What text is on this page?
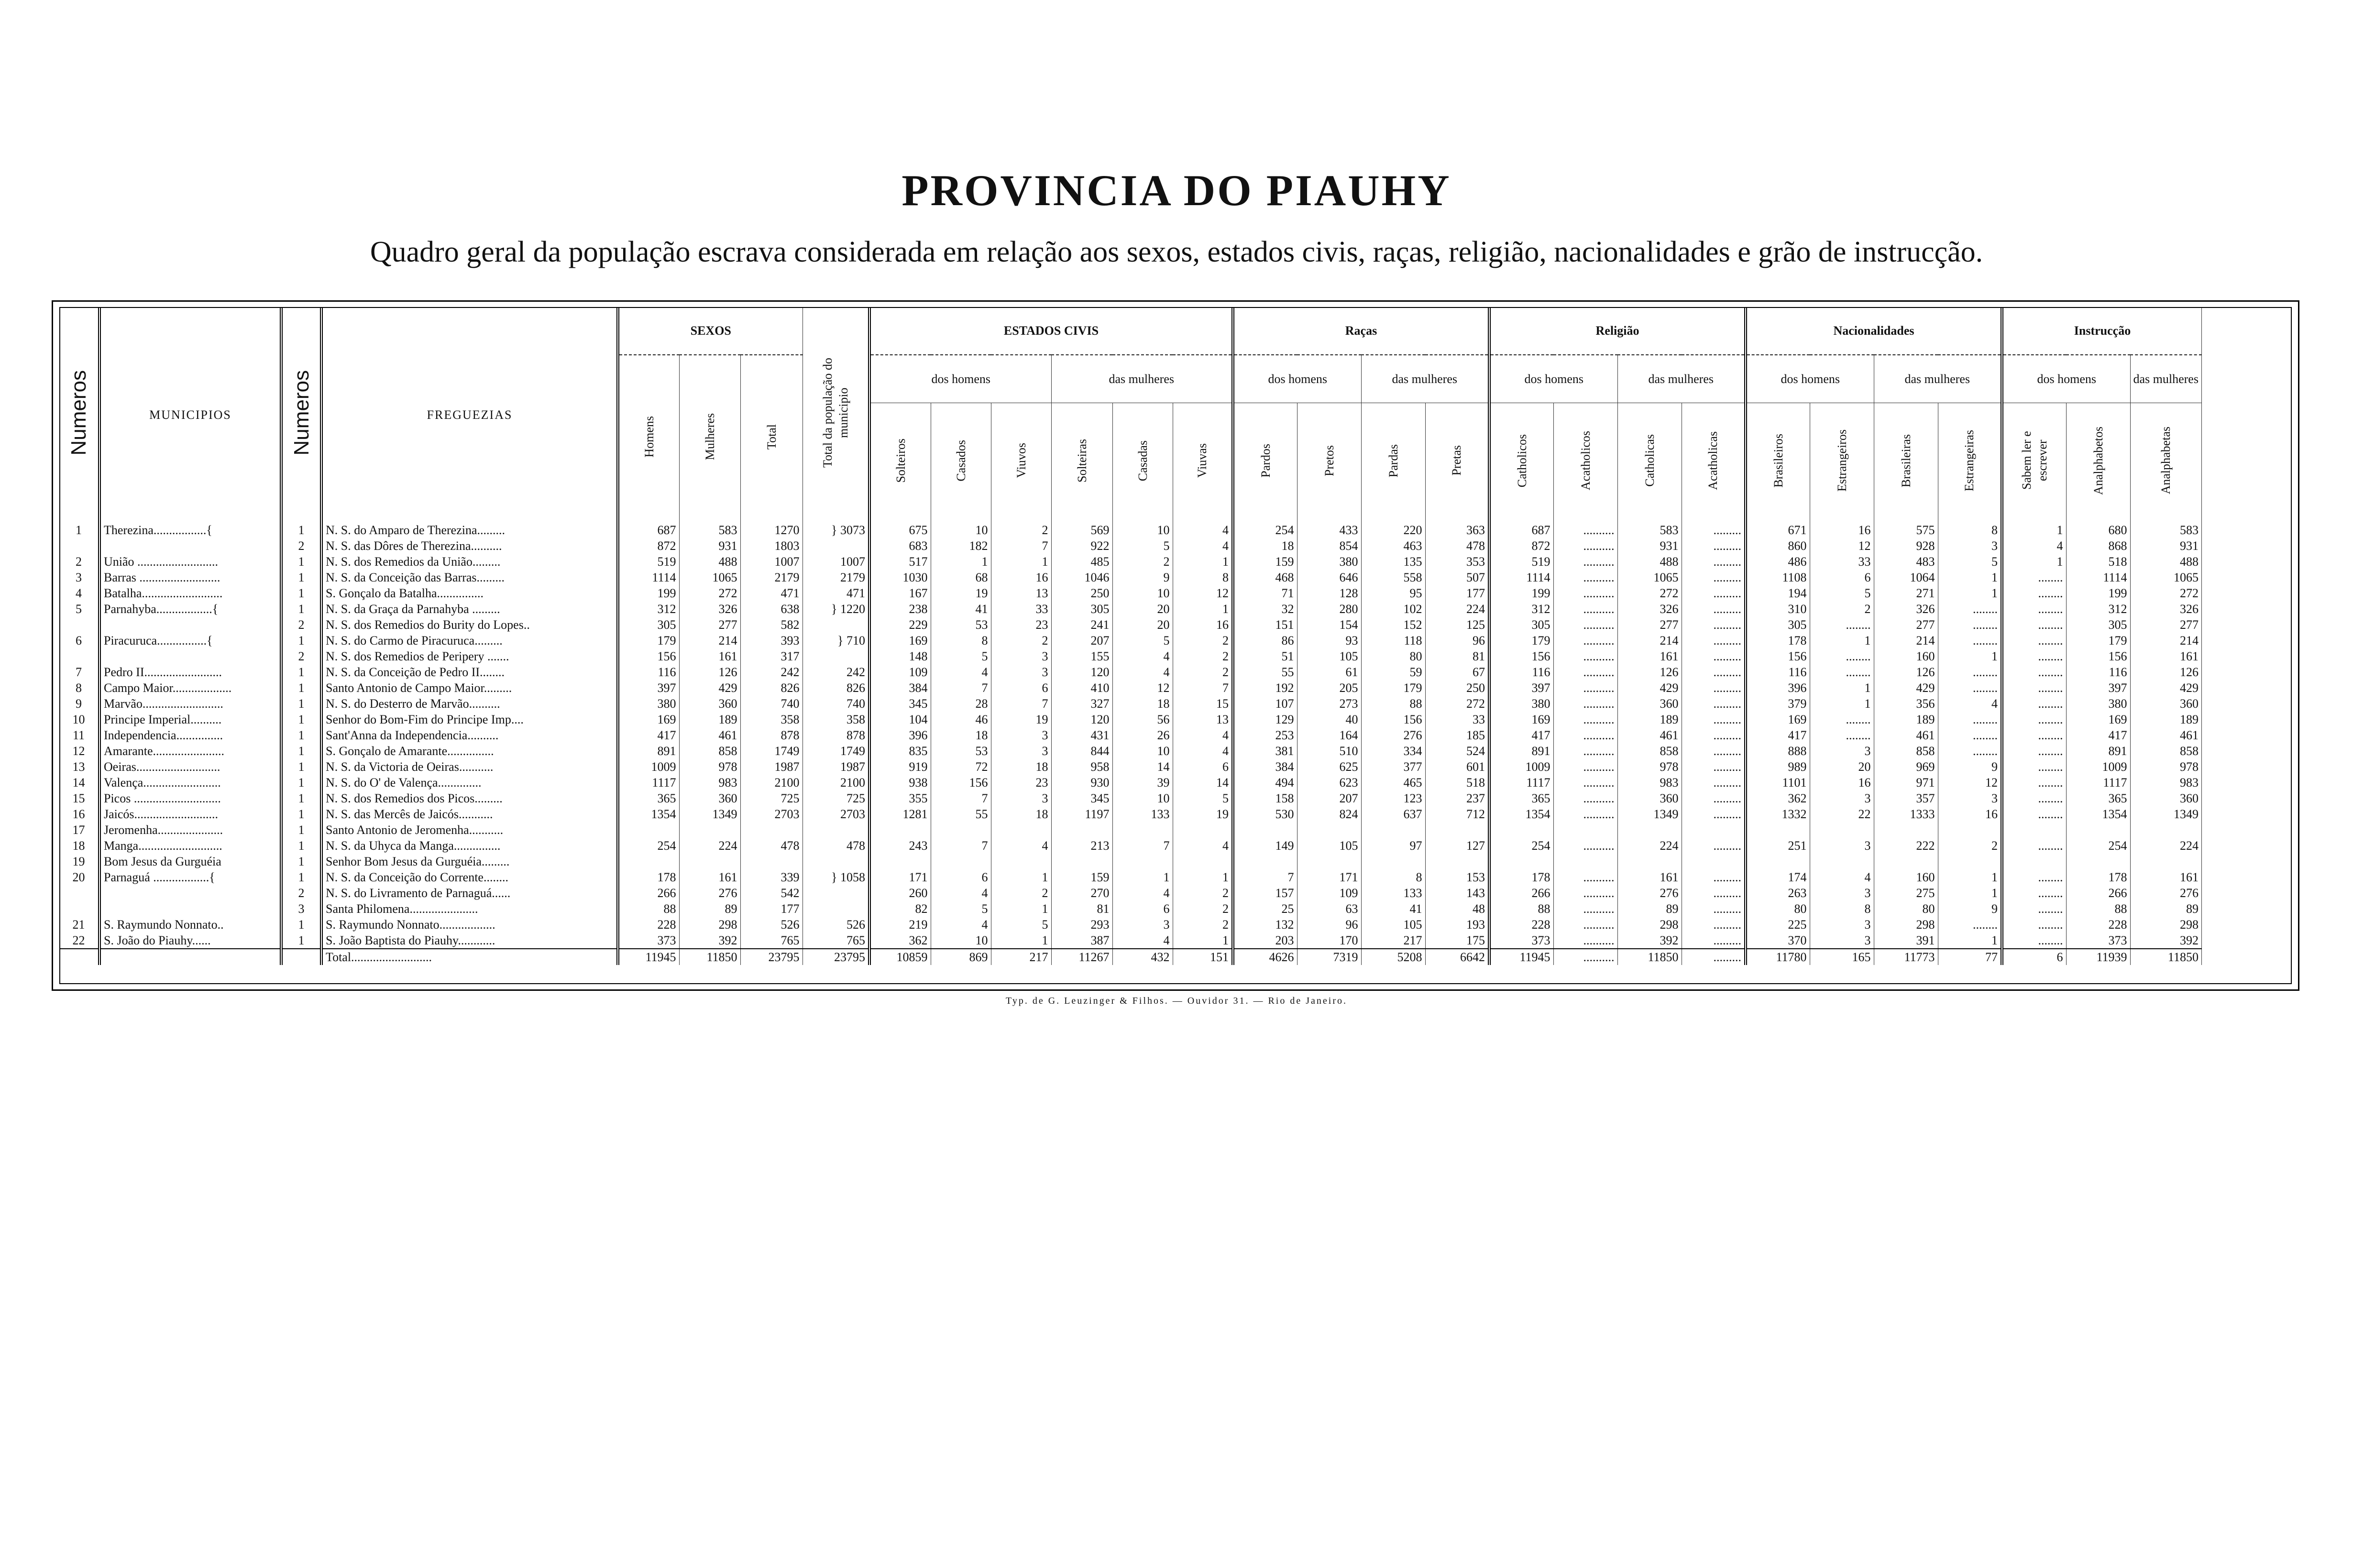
PROVINCIA DO PIAUHY
Quadro geral da população escrava considerada em relação aos sexos, estados civis, raças, religião, nacionalidades e grão de instrucção.
Numeros	MUNICIPIOS	Numeros	FREGUEZIAS	SEXOS			Total da população do municipio	ESTADOS CIVIS						Raças				Religião				Nacionalidades				Instrucção		
				Homens	Mulheres	Total		dos homens			das mulheres			dos homens		das mulheres		dos homens		das mulheres		dos homens		das mulheres		dos homens		das mulheres
								Solteiros	Casados	Viuvos	Solteiras	Casadas	Viuvas	Pardos	Pretos	Pardas	Pretas	Catholicos	Acatholicos	Catholicas	Acatholicas	Brasileiros	Estrangeiros	Brasileiras	Estrangeiras	Sabem ler e escrever	Analphabetos	Analphabetas
1	Therezina.................{	1	N. S. do Amparo de Therezina.........	687	583	1270	} 3073	675	10	2	569	10	4	254	433	220	363	687	..........	583	.........	671	16	575	8	1	680	583
		2	N. S. das Dôres de Therezina..........	872	931	1803		683	182	7	922	5	4	18	854	463	478	872	..........	931	.........	860	12	928	3	4	868	931
2	União ..........................	1	N. S. dos Remedios da União.........	519	488	1007	1007	517	1	1	485	2	1	159	380	135	353	519	..........	488	.........	486	33	483	5	1	518	488
3	Barras ..........................	1	N. S. da Conceição das Barras.........	1114	1065	2179	2179	1030	68	16	1046	9	8	468	646	558	507	1114	..........	1065	.........	1108	6	1064	1	........	1114	1065
4	Batalha..........................	1	S. Gonçalo da Batalha...............	199	272	471	471	167	19	13	250	10	12	71	128	95	177	199	..........	272	.........	194	5	271	1	........	199	272
5	Parnahyba..................{	1	N. S. da Graça da Parnahyba .........	312	326	638	} 1220	238	41	33	305	20	1	32	280	102	224	312	..........	326	.........	310	2	326	........	........	312	326
		2	N. S. dos Remedios do Burity do Lopes..	305	277	582		229	53	23	241	20	16	151	154	152	125	305	..........	277	.........	305	........	277	........	........	305	277
6	Piracuruca................{	1	N. S. do Carmo de Piracuruca.........	179	214	393	} 710	169	8	2	207	5	2	86	93	118	96	179	..........	214	.........	178	1	214	........	........	179	214
		2	N. S. dos Remedios de Peripery .......	156	161	317		148	5	3	155	4	2	51	105	80	81	156	..........	161	.........	156	........	160	1	........	156	161
7	Pedro II.........................	1	N. S. da Conceição de Pedro II........	116	126	242	242	109	4	3	120	4	2	55	61	59	67	116	..........	126	.........	116	........	126	........	........	116	126
8	Campo Maior...................	1	Santo Antonio de Campo Maior.........	397	429	826	826	384	7	6	410	12	7	192	205	179	250	397	..........	429	.........	396	1	429	........	........	397	429
9	Marvão..........................	1	N. S. do Desterro de Marvão..........	380	360	740	740	345	28	7	327	18	15	107	273	88	272	380	..........	360	.........	379	1	356	4	........	380	360
10	Principe Imperial..........	1	Senhor do Bom-Fim do Principe Imp....	169	189	358	358	104	46	19	120	56	13	129	40	156	33	169	..........	189	.........	169	........	189	........	........	169	189
11	Independencia...............	1	Sant'Anna da Independencia..........	417	461	878	878	396	18	3	431	26	4	253	164	276	185	417	..........	461	.........	417	........	461	........	........	417	461
12	Amarante.......................	1	S. Gonçalo de Amarante...............	891	858	1749	1749	835	53	3	844	10	4	381	510	334	524	891	..........	858	.........	888	3	858	........	........	891	858
13	Oeiras...........................	1	N. S. da Victoria de Oeiras...........	1009	978	1987	1987	919	72	18	958	14	6	384	625	377	601	1009	..........	978	.........	989	20	969	9	........	1009	978
14	Valença.........................	1	N. S. do O' de Valença..............	1117	983	2100	2100	938	156	23	930	39	14	494	623	465	518	1117	..........	983	.........	1101	16	971	12	........	1117	983
15	Picos ............................	1	N. S. dos Remedios dos Picos.........	365	360	725	725	355	7	3	345	10	5	158	207	123	237	365	..........	360	.........	362	3	357	3	........	365	360
16	Jaicós...........................	1	N. S. das Mercês de Jaicós...........	1354	1349	2703	2703	1281	55	18	1197	133	19	530	824	637	712	1354	..........	1349	.........	1332	22	1333	16	........	1354	1349
17	Jeromenha.....................	1	Santo Antonio de Jeromenha...........																									
18	Manga...........................	1	N. S. da Uhyca da Manga...............	254	224	478	478	243	7	4	213	7	4	149	105	97	127	254	..........	224	.........	251	3	222	2	........	254	224
19	Bom Jesus da Gurguéia	1	Senhor Bom Jesus da Gurguéia.........																									
20	Parnaguá ..................{	1	N. S. da Conceição do Corrente........	178	161	339	} 1058	171	6	1	159	1	1	7	171	8	153	178	..........	161	.........	174	4	160	1	........	178	161
		2	N. S. do Livramento de Parnaguá......	266	276	542		260	4	2	270	4	2	157	109	133	143	266	..........	276	.........	263	3	275	1	........	266	276
		3	Santa Philomena......................	88	89	177		82	5	1	81	6	2	25	63	41	48	88	..........	89	.........	80	8	80	9	........	88	89
21	S. Raymundo Nonnato..	1	S. Raymundo Nonnato..................	228	298	526	526	219	4	5	293	3	2	132	96	105	193	228	..........	298	.........	225	3	298	........	........	228	298
22	S. João do Piauhy......	1	S. João Baptista do Piauhy............	373	392	765	765	362	10	1	387	4	1	203	170	217	175	373	..........	392	.........	370	3	391	1	........	373	392
			Total..........................	11945	11850	23795	23795	10859	869	217	11267	432	151	4626	7319	5208	6642	11945	..........	11850	.........	11780	165	11773	77	6	11939	11850
Typ. de G. Leuzinger & Filhos. — Ouvidor 31. — Rio de Janeiro.
